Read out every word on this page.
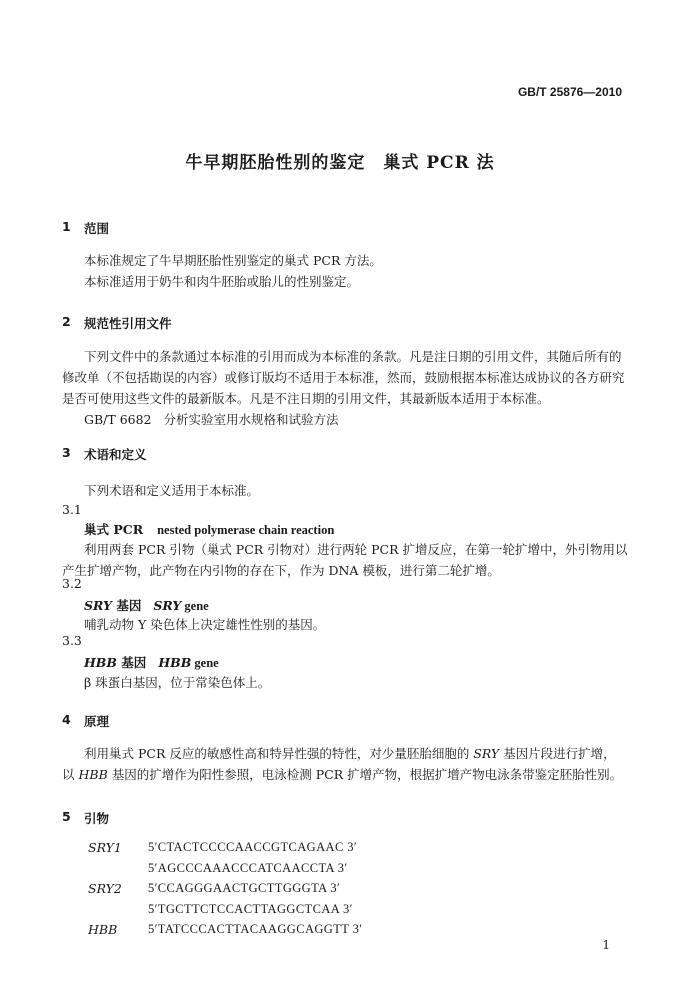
GB/T 25876—2010
牛早期胚胎性别的鉴定　巢式 PCR 法
1 范围
本标准规定了牛早期胚胎性别鉴定的巢式 PCR 方法。
本标准适用于奶牛和肉牛胚胎或胎儿的性别鉴定。
2 规范性引用文件
下列文件中的条款通过本标准的引用而成为本标准的条款。凡是注日期的引用文件，其随后所有的修改单（不包括勘误的内容）或修订版均不适用于本标准，然而，鼓励根据本标准达成协议的各方研究是否可使用这些文件的最新版本。凡是不注日期的引用文件，其最新版本适用于本标准。
GB/T 6682 分析实验室用水规格和试验方法
3 术语和定义
下列术语和定义适用于本标准。
3.1
巢式 PCR nested polymerase chain reaction
利用两套 PCR 引物（巢式 PCR 引物对）进行两轮 PCR 扩增反应，在第一轮扩增中，外引物用以产生扩增产物，此产物在内引物的存在下，作为 DNA 模板，进行第二轮扩增。
3.2
SRY 基因 SRY gene
哺乳动物 Y 染色体上决定雄性性别的基因。
3.3
HBB 基因 HBB gene
β 珠蛋白基因，位于常染色体上。
4 原理
利用巢式 PCR 反应的敏感性高和特异性强的特性，对少量胚胎细胞的 SRY 基因片段进行扩增，以 HBB 基因的扩增作为阳性参照，电泳检测 PCR 扩增产物，根据扩增产物电泳条带鉴定胚胎性别。
5 引物
SRY1 5′CTACTCCCCAACCGTCAGAAC 3′
5′AGCCCAAACCCATCAACCTA 3′
SRY2 5′CCAGGGAACTGCTTGGGTA 3′
5′TGCTTCTCCACTTAGGCTCAA 3′
HBB 5′TATCCCACTTACAAGGCAGGTT 3′
1
